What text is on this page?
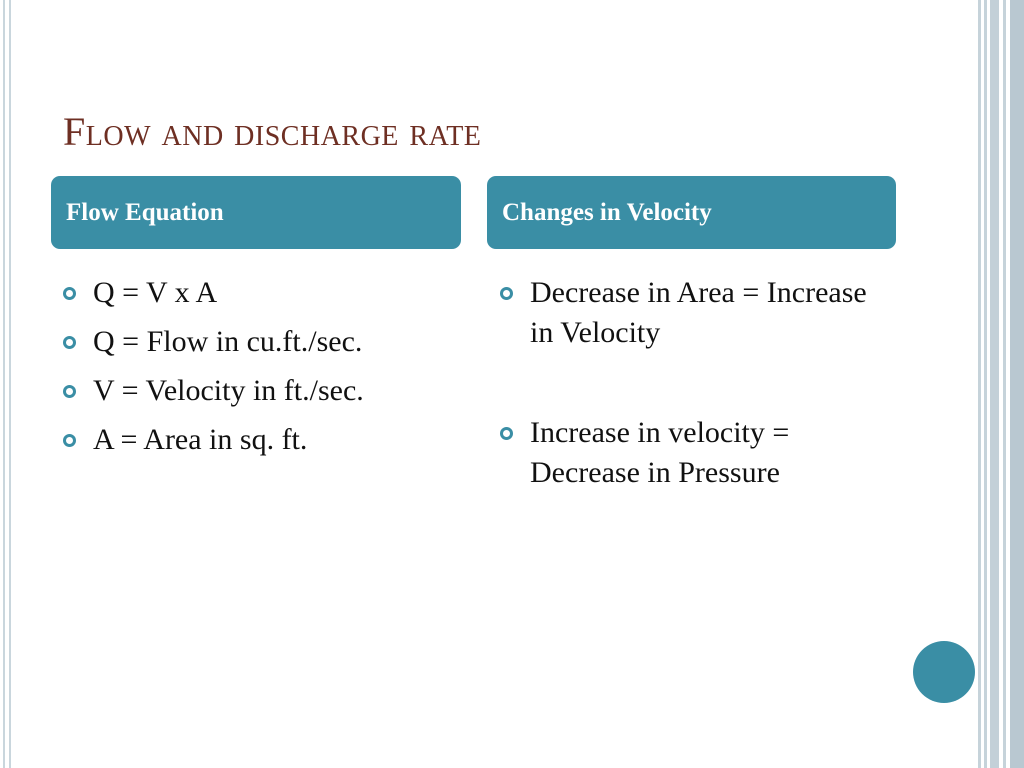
Flow and discharge rate
Flow Equation	Changes in Velocity
Q = V x A
Q = Flow in cu.ft./sec.
V = Velocity in ft./sec.
A = Area in sq. ft.
Decrease in Area = Increase in Velocity
Increase in velocity = Decrease in Pressure
